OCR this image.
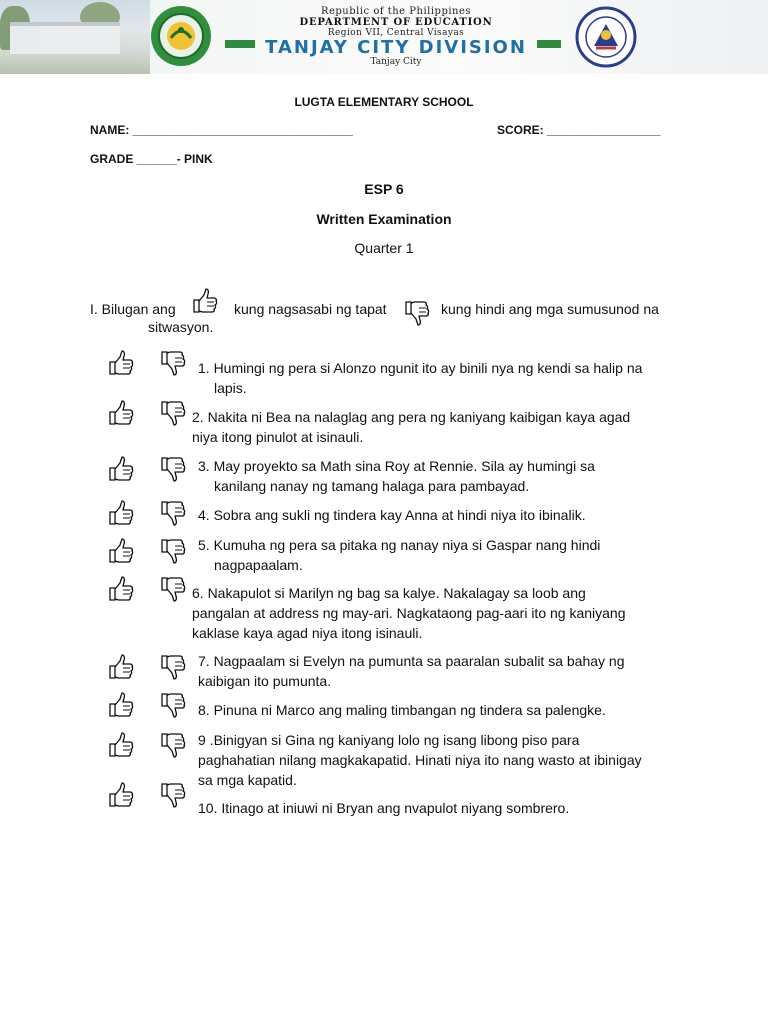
Republic of the Philippines
DEPARTMENT OF EDUCATION
Region VII, Central Visayas
TANJAY CITY DIVISION
Tanjay City
LUGTA ELEMENTARY SCHOOL
NAME: _________________________________	SCORE: _________________
GRADE ______- PINK
ESP 6
Written Examination
Quarter 1
I. Bilugan ang	kung nagsasabi ng tapat	kung hindi ang mga sumusunod na
sitwasyon.
1. Humingi ng pera si Alonzo ngunit ito ay binili nya ng kendi sa halip na
lapis.
2. Nakita ni Bea na nalaglag ang pera ng kaniyang kaibigan kaya agad
niya itong pinulot at isinauli.
3. May proyekto sa Math sina Roy at Rennie. Sila ay humingi sa
kanilang nanay ng tamang halaga para pambayad.
4. Sobra ang sukli ng tindera kay Anna at hindi niya ito ibinalik.
5. Kumuha ng pera sa pitaka ng nanay niya si Gaspar nang hindi
nagpapaalam.
6. Nakapulot si Marilyn ng bag sa kalye. Nakalagay sa loob ang
pangalan at address ng may-ari. Nagkataong pag-aari ito ng kaniyang
kaklase kaya agad niya itong isinauli.
7. Nagpaalam si Evelyn na pumunta sa paaralan subalit sa bahay ng
kaibigan ito pumunta.
8. Pinuna ni Marco ang maling timbangan ng tindera sa palengke.
9 .Binigyan si Gina ng kaniyang lolo ng isang libong piso para
paghahatian nilang magkakapatid. Hinati niya ito nang wasto at ibinigay
sa mga kapatid.
10. Itinago at iniuwi ni Bryan ang nvapulot niyang sombrero.
